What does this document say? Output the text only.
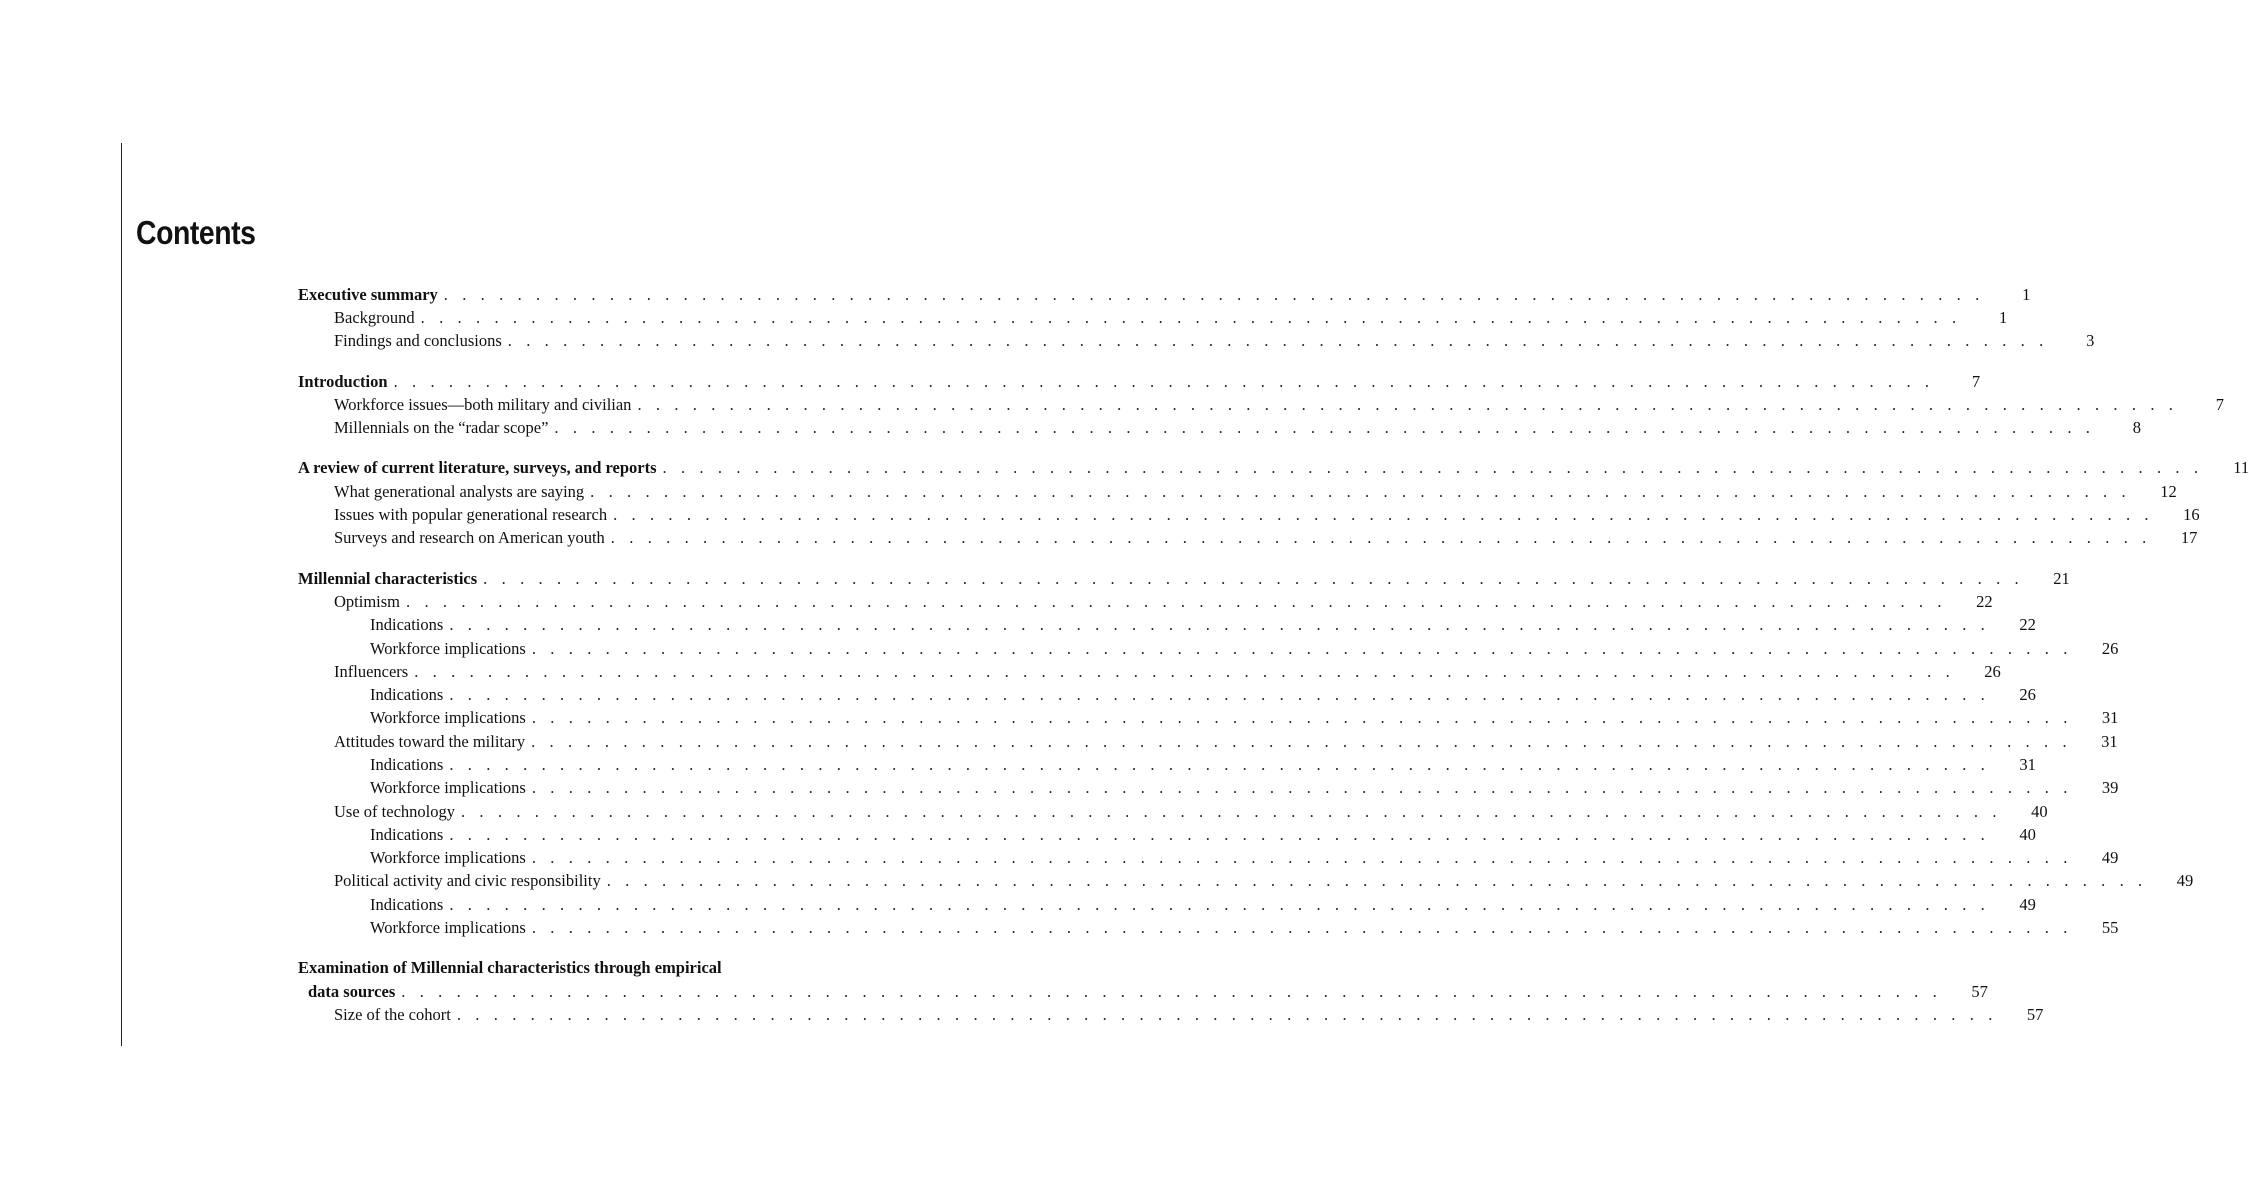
Contents
Executive summary . . . . . . . . . . . . . . . . . . . . . . . . . . . . . . . . . . . . . . . . . . . . . . . . . . . . . . . . . . . . . . . . . . . . . . . . . . . . . . . . . . . .	1
Background . . . . . . . . . . . . . . . . . . . . . . . . . . . . . . . . . . . . . . . . . . . . . . . . . . . . . . . . . . . . . . . . . . . . . . . . . . . . . . . . . . . .	1
Findings and conclusions . . . . . . . . . . . . . . . . . . . . . . . . . . . . . . . . . . . . . . . . . . . . . . . . . . . . . . . . . . . . . . . . . . . . . . . . . . . . . . . . . . . .	3
Introduction . . . . . . . . . . . . . . . . . . . . . . . . . . . . . . . . . . . . . . . . . . . . . . . . . . . . . . . . . . . . . . . . . . . . . . . . . . . . . . . . . . . .	7
Workforce issues—both military and civilian . . . . . . . . . . . . . . . . . . . . . . . . . . . . . . . . . . . . . . . . . . . . . . . . . . . . . . . . . . . . . . . . . . . . . . . . . . . . . . . . . . . .	7
Millennials on the “radar scope” . . . . . . . . . . . . . . . . . . . . . . . . . . . . . . . . . . . . . . . . . . . . . . . . . . . . . . . . . . . . . . . . . . . . . . . . . . . . . . . . . . . .	8
A review of current literature, surveys, and reports . . . . . . . . . . . . . . . . . . . . . . . . . . . . . . . . . . . . . . . . . . . . . . . . . . . . . . . . . . . . . . . . . . . . . . . . . . . . . . . . . . . .	11
What generational analysts are saying . . . . . . . . . . . . . . . . . . . . . . . . . . . . . . . . . . . . . . . . . . . . . . . . . . . . . . . . . . . . . . . . . . . . . . . . . . . . . . . . . . . .	12
Issues with popular generational research . . . . . . . . . . . . . . . . . . . . . . . . . . . . . . . . . . . . . . . . . . . . . . . . . . . . . . . . . . . . . . . . . . . . . . . . . . . . . . . . . . . .	16
Surveys and research on American youth . . . . . . . . . . . . . . . . . . . . . . . . . . . . . . . . . . . . . . . . . . . . . . . . . . . . . . . . . . . . . . . . . . . . . . . . . . . . . . . . . . . .	17
Millennial characteristics . . . . . . . . . . . . . . . . . . . . . . . . . . . . . . . . . . . . . . . . . . . . . . . . . . . . . . . . . . . . . . . . . . . . . . . . . . . . . . . . . . . .	21
Optimism . . . . . . . . . . . . . . . . . . . . . . . . . . . . . . . . . . . . . . . . . . . . . . . . . . . . . . . . . . . . . . . . . . . . . . . . . . . . . . . . . . . .	22
Indications . . . . . . . . . . . . . . . . . . . . . . . . . . . . . . . . . . . . . . . . . . . . . . . . . . . . . . . . . . . . . . . . . . . . . . . . . . . . . . . . . . . .	22
Workforce implications . . . . . . . . . . . . . . . . . . . . . . . . . . . . . . . . . . . . . . . . . . . . . . . . . . . . . . . . . . . . . . . . . . . . . . . . . . . . . . . . . . . .	26
Influencers . . . . . . . . . . . . . . . . . . . . . . . . . . . . . . . . . . . . . . . . . . . . . . . . . . . . . . . . . . . . . . . . . . . . . . . . . . . . . . . . . . . .	26
Indications . . . . . . . . . . . . . . . . . . . . . . . . . . . . . . . . . . . . . . . . . . . . . . . . . . . . . . . . . . . . . . . . . . . . . . . . . . . . . . . . . . . .	26
Workforce implications . . . . . . . . . . . . . . . . . . . . . . . . . . . . . . . . . . . . . . . . . . . . . . . . . . . . . . . . . . . . . . . . . . . . . . . . . . . . . . . . . . . .	31
Attitudes toward the military . . . . . . . . . . . . . . . . . . . . . . . . . . . . . . . . . . . . . . . . . . . . . . . . . . . . . . . . . . . . . . . . . . . . . . . . . . . . . . . . . . . .	31
Indications . . . . . . . . . . . . . . . . . . . . . . . . . . . . . . . . . . . . . . . . . . . . . . . . . . . . . . . . . . . . . . . . . . . . . . . . . . . . . . . . . . . .	31
Workforce implications . . . . . . . . . . . . . . . . . . . . . . . . . . . . . . . . . . . . . . . . . . . . . . . . . . . . . . . . . . . . . . . . . . . . . . . . . . . . . . . . . . . .	39
Use of technology . . . . . . . . . . . . . . . . . . . . . . . . . . . . . . . . . . . . . . . . . . . . . . . . . . . . . . . . . . . . . . . . . . . . . . . . . . . . . . . . . . . .	40
Indications . . . . . . . . . . . . . . . . . . . . . . . . . . . . . . . . . . . . . . . . . . . . . . . . . . . . . . . . . . . . . . . . . . . . . . . . . . . . . . . . . . . .	40
Workforce implications . . . . . . . . . . . . . . . . . . . . . . . . . . . . . . . . . . . . . . . . . . . . . . . . . . . . . . . . . . . . . . . . . . . . . . . . . . . . . . . . . . . .	49
Political activity and civic responsibility . . . . . . . . . . . . . . . . . . . . . . . . . . . . . . . . . . . . . . . . . . . . . . . . . . . . . . . . . . . . . . . . . . . . . . . . . . . . . . . . . . . .	49
Indications . . . . . . . . . . . . . . . . . . . . . . . . . . . . . . . . . . . . . . . . . . . . . . . . . . . . . . . . . . . . . . . . . . . . . . . . . . . . . . . . . . . .	49
Workforce implications . . . . . . . . . . . . . . . . . . . . . . . . . . . . . . . . . . . . . . . . . . . . . . . . . . . . . . . . . . . . . . . . . . . . . . . . . . . . . . . . . . . .	55
Examination of Millennial characteristics through empirical
data sources . . . . . . . . . . . . . . . . . . . . . . . . . . . . . . . . . . . . . . . . . . . . . . . . . . . . . . . . . . . . . . . . . . . . . . . . . . . . . . . . . . . .	57
Size of the cohort . . . . . . . . . . . . . . . . . . . . . . . . . . . . . . . . . . . . . . . . . . . . . . . . . . . . . . . . . . . . . . . . . . . . . . . . . . . . . . . . . . . .	57
